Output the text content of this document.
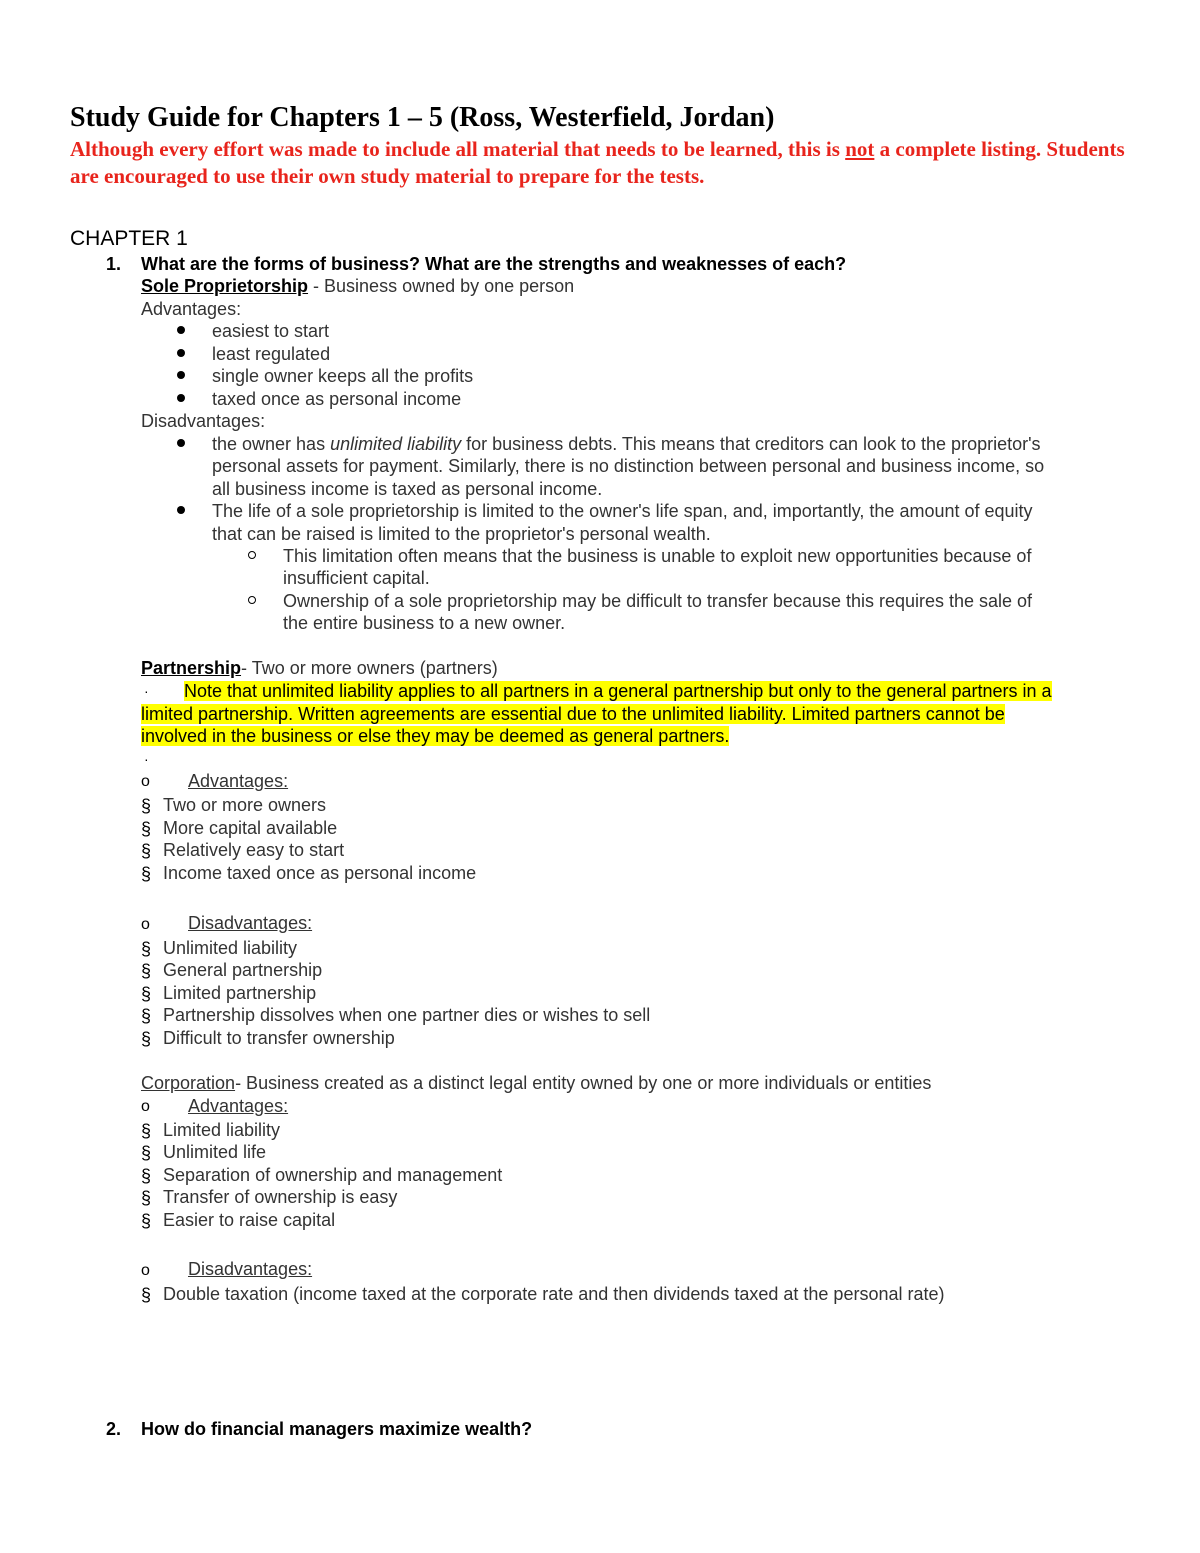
Study Guide for Chapters 1 – 5 (Ross, Westerfield, Jordan)
Although every effort was made to include all material that needs to be learned, this is not a complete listing. Students are encouraged to use their own study material to prepare for the tests.
CHAPTER 1
1. What are the forms of business? What are the strengths and weaknesses of each?
Sole Proprietorship - Business owned by one person
Advantages:
easiest to start
least regulated
single owner keeps all the profits
taxed once as personal income
Disadvantages:
the owner has unlimited liability for business debts. This means that creditors can look to the proprietor's
personal assets for payment. Similarly, there is no distinction between personal and business income, so
all business income is taxed as personal income.
The life of a sole proprietorship is limited to the owner's life span, and, importantly, the amount of equity
that can be raised is limited to the proprietor's personal wealth.
This limitation often means that the business is unable to exploit new opportunities because of
insufficient capital.
Ownership of a sole proprietorship may be difficult to transfer because this requires the sale of
the entire business to a new owner.
Partnership- Two or more owners (partners)
· Note that unlimited liability applies to all partners in a general partnership but only to the general partners in a
limited partnership. Written agreements are essential due to the unlimited liability. Limited partners cannot be
involved in the business or else they may be deemed as general partners.
·
o Advantages:
§ Two or more owners
§ More capital available
§ Relatively easy to start
§ Income taxed once as personal income
o Disadvantages:
§ Unlimited liability
§ General partnership
§ Limited partnership
§ Partnership dissolves when one partner dies or wishes to sell
§ Difficult to transfer ownership
Corporation- Business created as a distinct legal entity owned by one or more individuals or entities
o Advantages:
§ Limited liability
§ Unlimited life
§ Separation of ownership and management
§ Transfer of ownership is easy
§ Easier to raise capital
o Disadvantages:
§ Double taxation (income taxed at the corporate rate and then dividends taxed at the personal rate)
2. How do financial managers maximize wealth?
